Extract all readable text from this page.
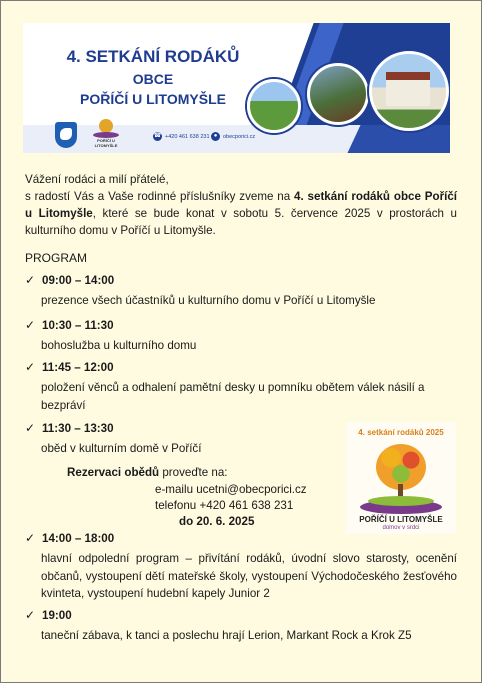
4. SETKÁNÍ RODÁKŮ
OBCE
POŘÍČÍ U LITOMYŠLE
POŘÍČÍ U LITOMYŠLE
☎ +420 461 638 231 ●	obecporici.cz

Vážení rodáci a milí přátelé,

s radostí Vás a Vaše rodinné příslušníky zveme na 4. setkání rodáků obce Poříčí u Litomyšle, které se bude konat v sobotu 5. července 2025 v prostorách u kulturního domu v Poříčí u Litomyšle.

PROGRAM
✓ 09:00 – 14:00
prezence všech účastníků u kulturního domu v Poříčí u Litomyšle
✓ 10:30 – 11:30
bohoslužba u kulturního domu
✓ 11:45 – 12:00
položení věnců a odhalení pamětní desky u pomníku obětem válek násilí a bezpráví
✓ 11:30 – 13:30
oběd v kulturním domě v Poříčí
Rezervaci obědů proveďte na:
e-mailu ucetni@obecporici.cz
telefonu +420 461 638 231
do 20. 6. 2025
✓ 14:00 – 18:00
hlavní odpolední program – přivítání rodáků, úvodní slovo starosty, ocenění občanů, vystoupení dětí mateřské školy, vystoupení Východočeského žesťového kvinteta, vystoupení hudební kapely Junior 2
✓ 19:00
taneční zábava, k tanci a poslechu hrají Lerion, Markant Rock a Krok Z5
4. setkání rodáků 2025
POŘÍČÍ U LITOMYŠLE
domov v srdci
